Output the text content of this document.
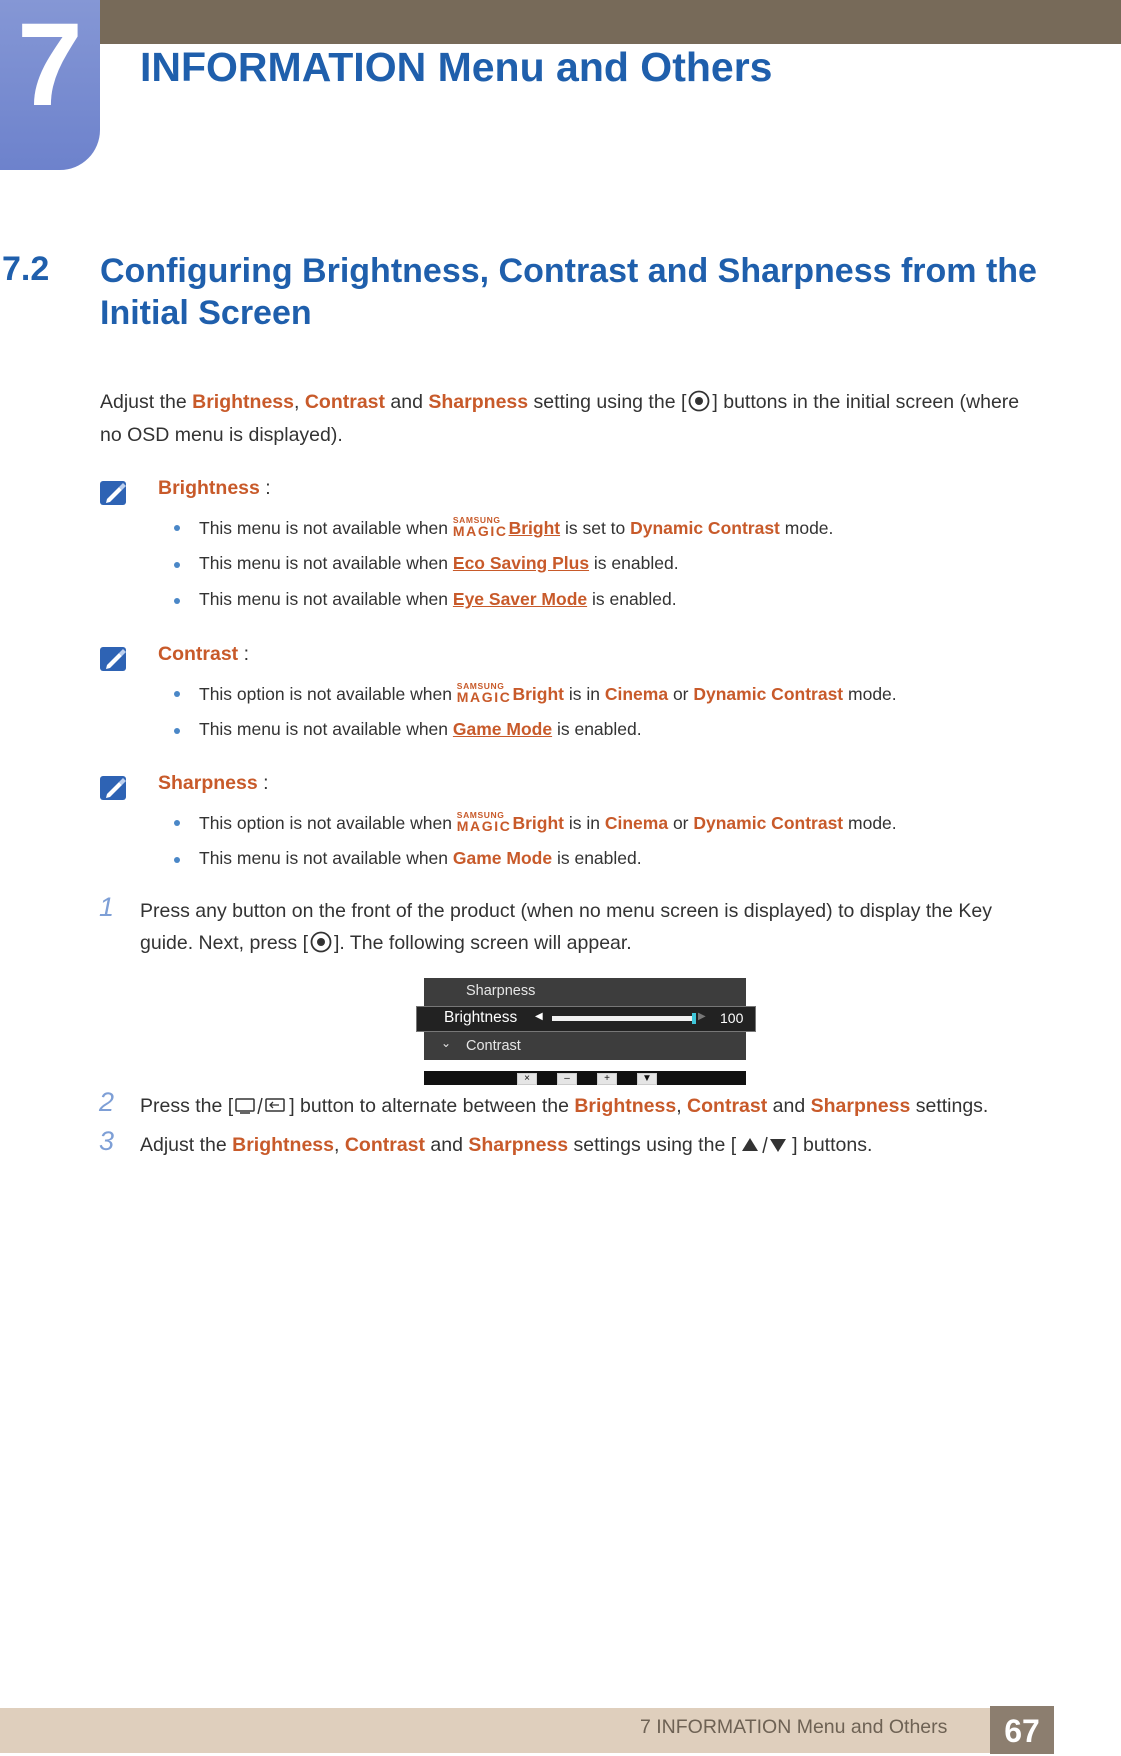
7	INFORMATION Menu and Others
7.2 Configuring Brightness, Contrast and Sharpness from the Initial Screen
Adjust the Brightness, Contrast and Sharpness setting using the [ ] buttons in the initial screen (where no OSD menu is displayed).
Brightness :
This menu is not available when SAMSUNG
MAGIC Bright is set to Dynamic Contrast mode.
This menu is not available when Eco Saving Plus is enabled.
This menu is not available when Eye Saver Mode is enabled.
Contrast :
This option is not available when SAMSUNG
MAGIC Bright is in Cinema or Dynamic Contrast mode.
This menu is not available when Game Mode is enabled.
Sharpness :
This option is not available when SAMSUNG
MAGIC Bright is in Cinema or Dynamic Contrast mode.
This menu is not available when Game Mode is enabled.
1 Press any button on the front of the product (when no menu screen is displayed) to display the Key guide. Next, press [ ]. The following screen will appear.
Sharpness
Brightness ◀	▶ 100
⌄ Contrast
×	–	+	▼
2 Press the [	] button to alternate between the Brightness, Contrast and Sharpness settings.
3 Adjust the Brightness, Contrast and Sharpness settings using the [	] buttons.
7 INFORMATION Menu and Others	67
